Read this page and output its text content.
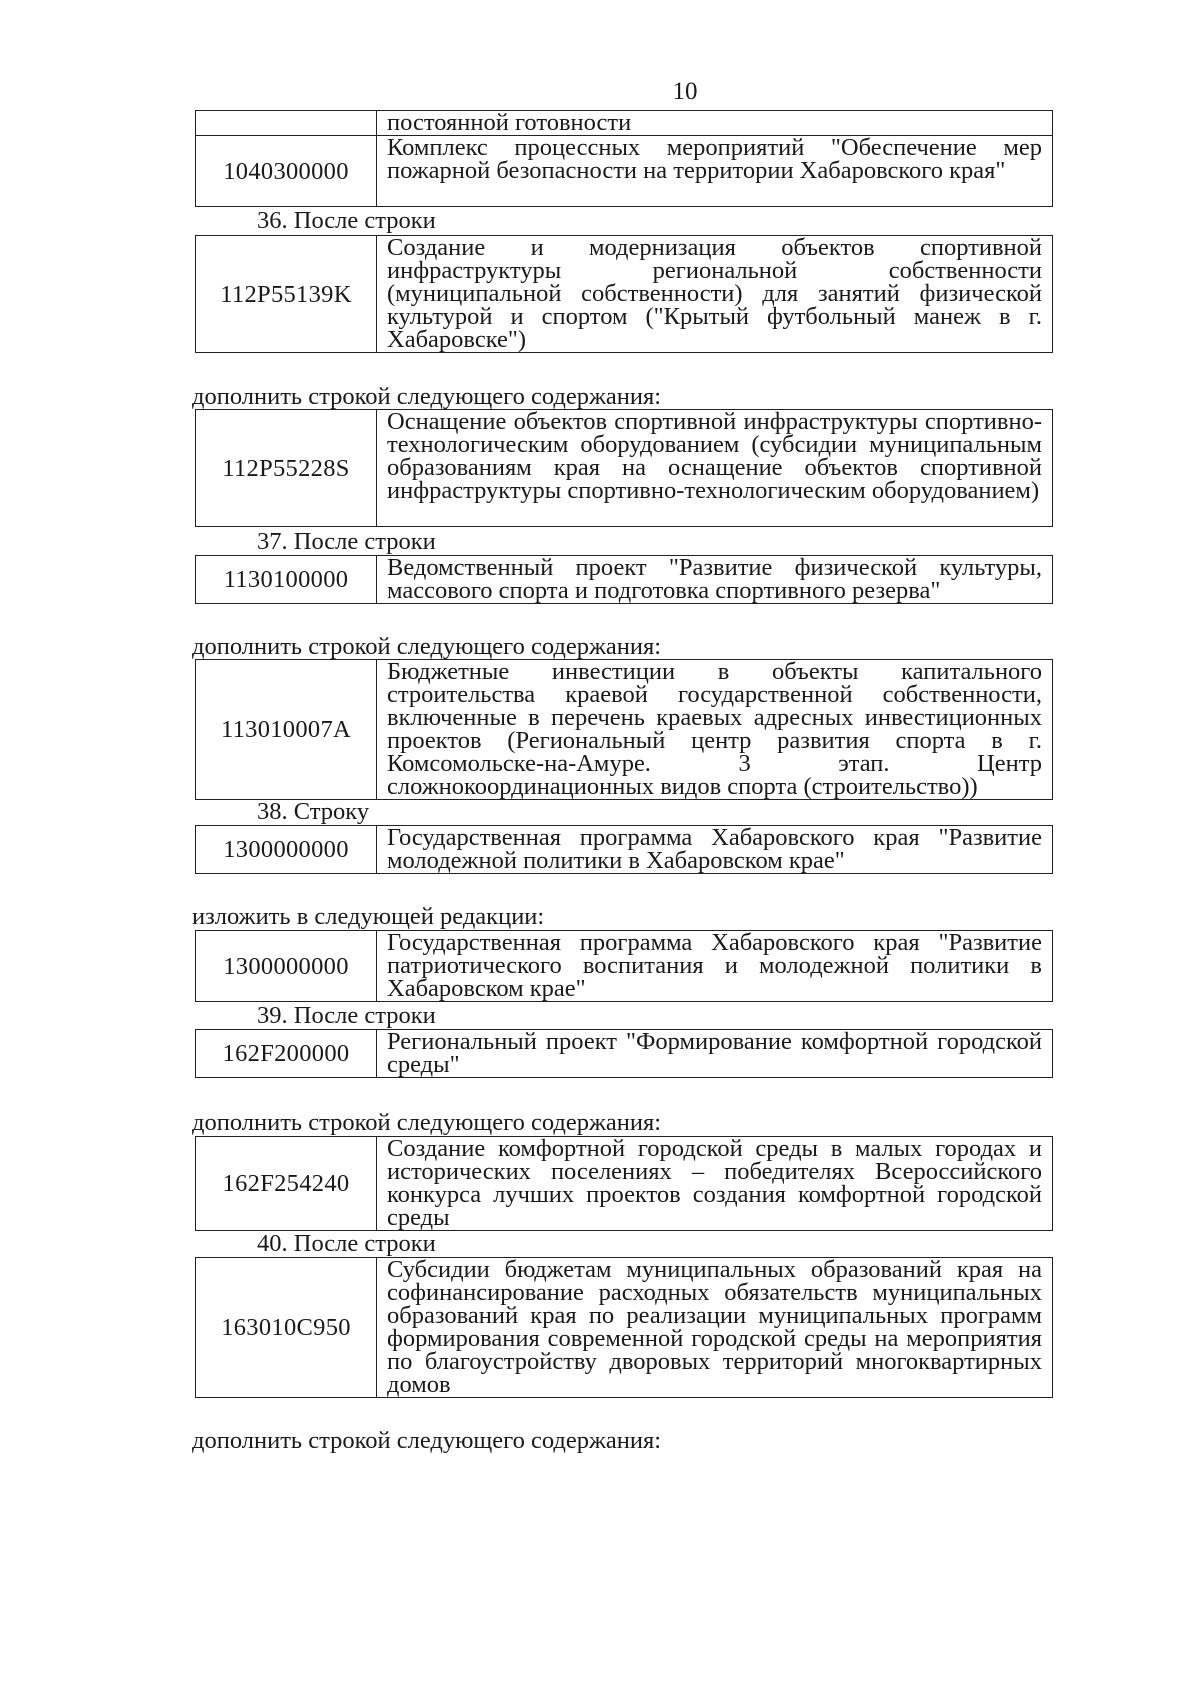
10
	постоянной готовности
1040300000	Комплекс процессных мероприятий "Обеспечение мер пожарной безопасности на территории Хабаровского края"
36. После строки
112P55139K	Создание и модернизация объектов спортивной инфраструктуры региональной собственности (муниципальной собственности) для занятий физической культурой и спортом ("Крытый футбольный манеж в г. Хабаровске")
дополнить строкой следующего содержания:
112P55228S	Оснащение объектов спортивной инфраструктуры спортивно-технологическим оборудованием (субсидии муниципальным образованиям края на оснащение объектов спортивной инфраструктуры спортивно-технологическим оборудованием)
37. После строки
1130100000	Ведомственный проект "Развитие физической культуры, массового спорта и подготовка спортивного резерва"
дополнить строкой следующего содержания:
113010007А	Бюджетные инвестиции в объекты капитального строительства краевой государственной собственности, включенные в перечень краевых адресных инвестиционных проектов (Региональный центр развития спорта в г. Комсомольске-на-Амуре. 3 этап. Центр сложнокоординационных видов спорта (строительство))
38. Строку
1300000000	Государственная программа Хабаровского края "Развитие молодежной политики в Хабаровском крае"
изложить в следующей редакции:
1300000000	Государственная программа Хабаровского края "Развитие патриотического воспитания и молодежной политики в Хабаровском крае"
39. После строки
162F200000	Региональный проект "Формирование комфортной городской среды"
дополнить строкой следующего содержания:
162F254240	Создание комфортной городской среды в малых городах и исторических поселениях – победителях Всероссийского конкурса лучших проектов создания комфортной городской среды
40. После строки
163010С950	Субсидии бюджетам муниципальных образований края на софинансирование расходных обязательств муниципальных образований края по реализации муниципальных программ формирования современной городской среды на мероприятия по благоустройству дворовых территорий многоквартирных домов
дополнить строкой следующего содержания:
